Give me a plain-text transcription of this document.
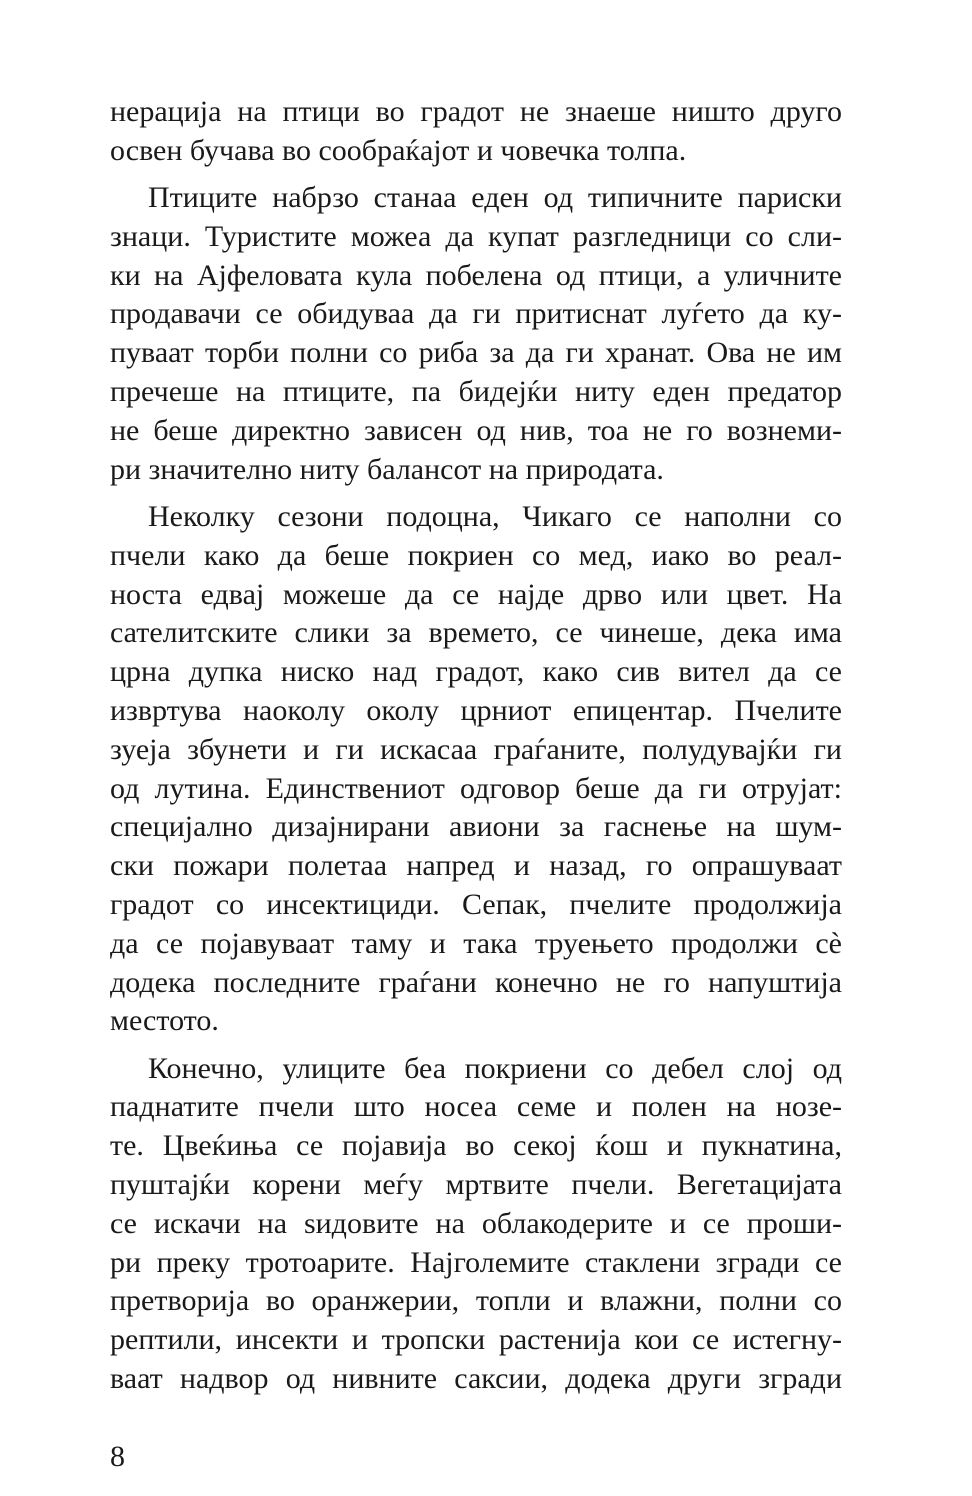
нерација на птици во градот не знаеше ништо друго
освен бучава во сообраќајот и човечка толпа.
Птиците набрзо станаа еден од типичните париски
знаци. Туристите можеа да купат разгледници со сли-
ки на Ајфеловата кула побелена од птици, а уличните
продавачи се обидуваа да ги притиснат луѓето да ку-
пуваат торби полни со риба за да ги хранат. Ова не им
пречеше на птиците, па бидејќи ниту еден предатор
не беше директно зависен од нив, тоа не го вознеми-
ри значително ниту балансот на природата.
Неколку сезони подоцна, Чикаго се наполни со
пчели како да беше покриен со мед, иако во реал-
носта едвај можеше да се најде дрво или цвет. На
сателитските слики за времето, се чинеше, дека има
црна дупка ниско над градот, како сив вител да се
извртува наоколу околу црниот епицентар. Пчелите
зуеја збунети и ги искасаа граѓаните, полудувајќи ги
од лутина. Единствениот одговор беше да ги отрујат:
специјално дизајнирани авиони за гаснење на шум-
ски пожари полетаа напред и назад, го опрашуваат
градот со инсектициди. Сепак, пчелите продолжија
да се појавуваат таму и така труењето продолжи сè
додека последните граѓани конечно не го напуштија
местото.
Конечно, улиците беа покриени со дебел слој од
паднатите пчели што носеа семе и полен на нозе-
те. Цвеќиња се појавија во секој ќош и пукнатина,
пуштајќи корени меѓу мртвите пчели. Вегетацијата
се искачи на ѕидовите на облакодерите и се проши-
ри преку тротоарите. Најголемите стаклени згради се
претворија во оранжерии, топли и влажни, полни со
рептили, инсекти и тропски растенија кои се истегну-
ваат надвор од нивните саксии, додека други згради
8
